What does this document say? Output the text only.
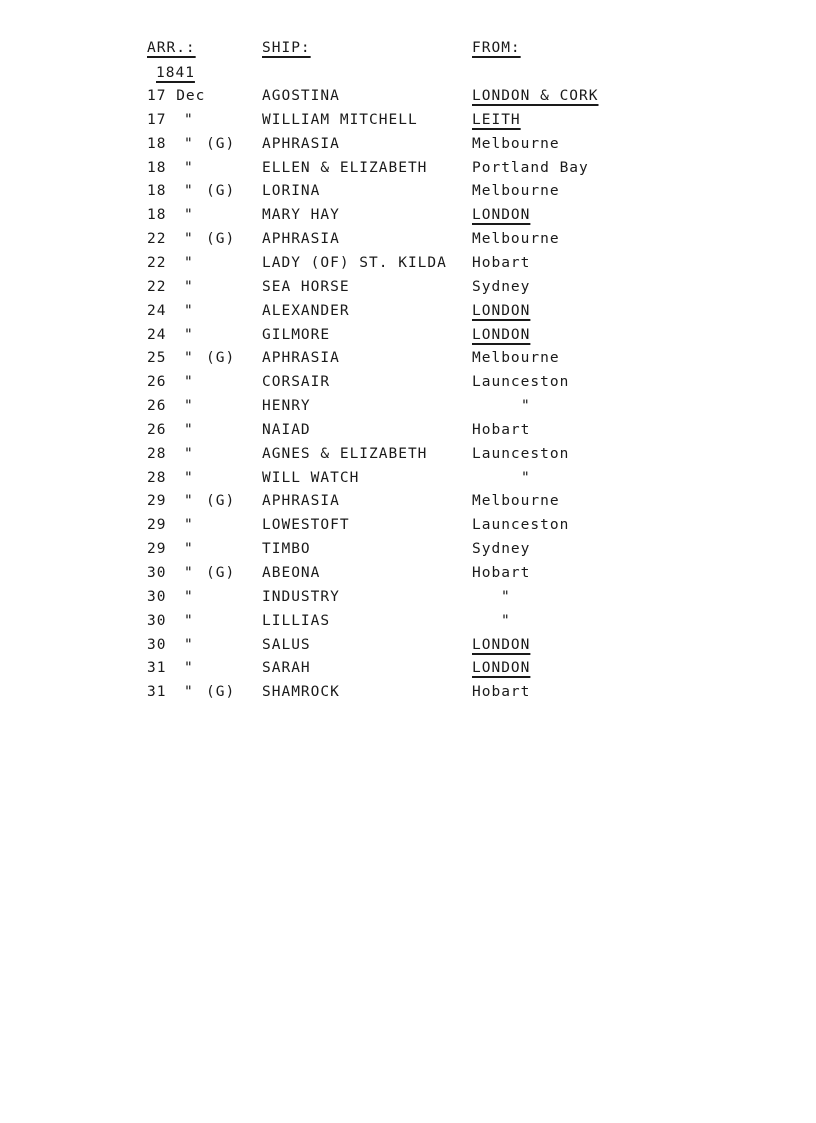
ARR.:	SHIP:	FROM:
1841
17 Dec	AGOSTINA	LONDON & CORK
17 "	WILLIAM MITCHELL	LEITH
18 " (G) APHRASIA	Melbourne
18 "	ELLEN & ELIZABETH	Portland Bay
18 " (G) LORINA	Melbourne
18 "	MARY HAY	LONDON
22 " (G) APHRASIA	Melbourne
22 "	LADY (OF) ST. KILDA Hobart
22 "	SEA HORSE	Sydney
24 "	ALEXANDER	LONDON
24 "	GILMORE	LONDON
25 " (G) APHRASIA	Melbourne
26 "	CORSAIR	Launceston
26 "	HENRY	"
26 "	NAIAD	Hobart
28 "	AGNES & ELIZABETH	Launceston
28 "	WILL WATCH	"
29 " (G) APHRASIA	Melbourne
29 "	LOWESTOFT	Launceston
29 "	TIMBO	Sydney
30 " (G) ABEONA	Hobart
30 "	INDUSTRY	"
30 "	LILLIAS	"
30 "	SALUS	LONDON
31 "	SARAH	LONDON
31 " (G) SHAMROCK	Hobart
